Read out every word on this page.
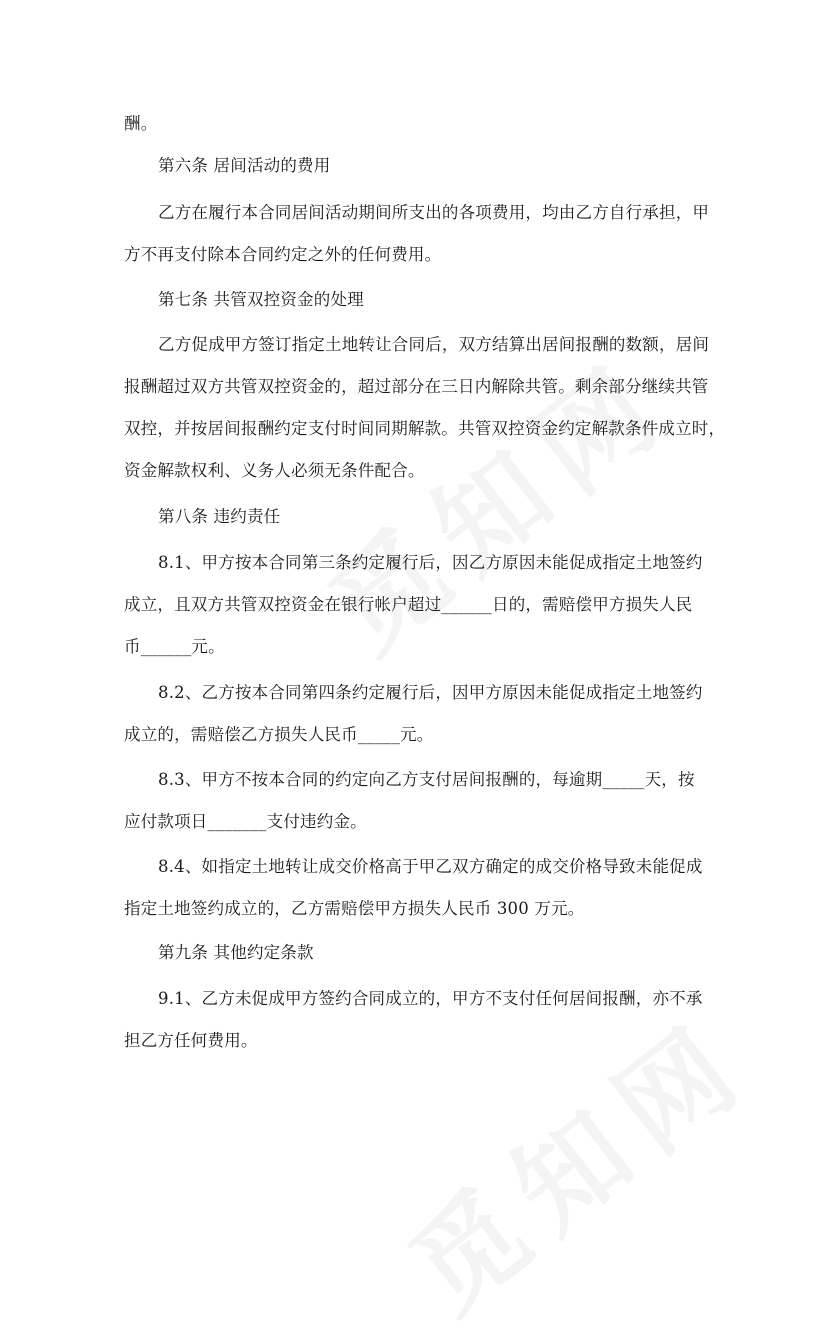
酬。
第六条 居间活动的费用
乙方在履行本合同居间活动期间所支出的各项费用，均由乙方自行承担，甲
方不再支付除本合同约定之外的任何费用。
第七条 共管双控资金的处理
乙方促成甲方签订指定土地转让合同后，双方结算出居间报酬的数额，居间
报酬超过双方共管双控资金的，超过部分在三日内解除共管。剩余部分继续共管
双控，并按居间报酬约定支付时间同期解款。共管双控资金约定解款条件成立时，
资金解款权利、义务人必须无条件配合。
第八条 违约责任
8.1、甲方按本合同第三条约定履行后，因乙方原因未能促成指定土地签约
成立，且双方共管双控资金在银行帐户超过______日的，需赔偿甲方损失人民
币______元。
8.2、乙方按本合同第四条约定履行后，因甲方原因未能促成指定土地签约
成立的，需赔偿乙方损失人民币_____元。
8.3、甲方不按本合同的约定向乙方支付居间报酬的，每逾期_____天，按
应付款项日_______支付违约金。
8.4、如指定土地转让成交价格高于甲乙双方确定的成交价格导致未能促成
指定土地签约成立的，乙方需赔偿甲方损失人民币 300 万元。
第九条 其他约定条款
9.1、乙方未促成甲方签约合同成立的，甲方不支付任何居间报酬，亦不承
担乙方任何费用。
